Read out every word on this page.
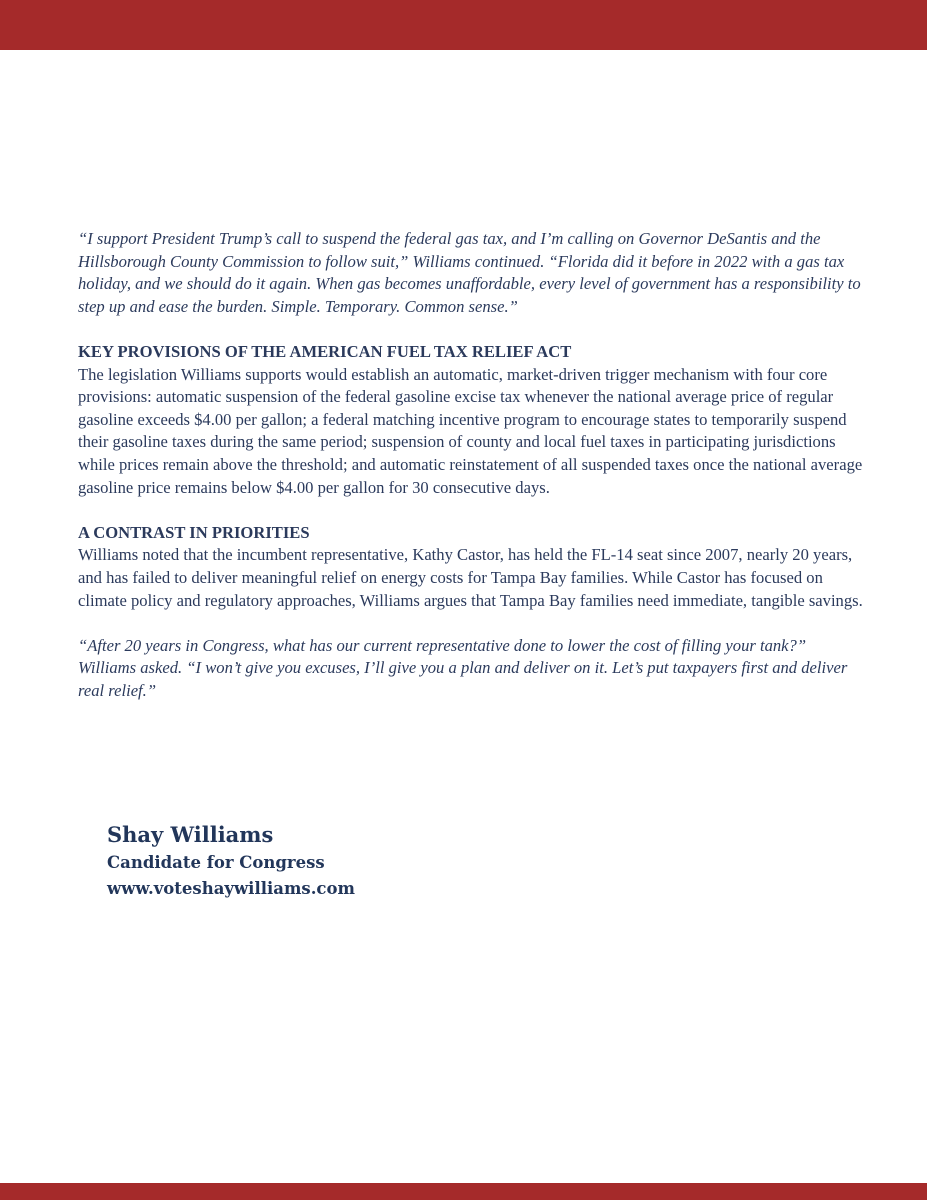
“I support President Trump’s call to suspend the federal gas tax, and I’m calling on Governor DeSantis and the Hillsborough County Commission to follow suit,” Williams continued. “Florida did it before in 2022 with a gas tax holiday, and we should do it again. When gas becomes unaffordable, every level of government has a responsibility to step up and ease the burden. Simple. Temporary. Common sense.”

KEY PROVISIONS OF THE AMERICAN FUEL TAX RELIEF ACT

The legislation Williams supports would establish an automatic, market-driven trigger mechanism with four core provisions: automatic suspension of the federal gasoline excise tax whenever the national average price of regular gasoline exceeds $4.00 per gallon; a federal matching incentive program to encourage states to temporarily suspend their gasoline taxes during the same period; suspension of county and local fuel taxes in participating jurisdictions while prices remain above the threshold; and automatic reinstatement of all suspended taxes once the national average gasoline price remains below $4.00 per gallon for 30 consecutive days.

A CONTRAST IN PRIORITIES

Williams noted that the incumbent representative, Kathy Castor, has held the FL-14 seat since 2007, nearly 20 years, and has failed to deliver meaningful relief on energy costs for Tampa Bay families. While Castor has focused on climate policy and regulatory approaches, Williams argues that Tampa Bay families need immediate, tangible savings.

“After 20 years in Congress, what has our current representative done to lower the cost of filling your tank?” Williams asked. “I won’t give you excuses, I’ll give you a plan and deliver on it. Let’s put taxpayers first and deliver real relief.”

Shay Williams

Candidate for Congress

www.voteshaywilliams.com
